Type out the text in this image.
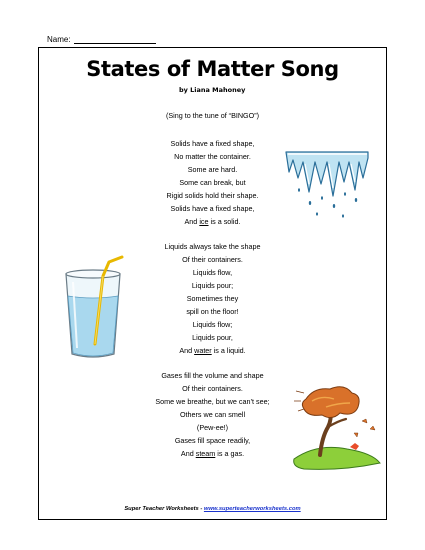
Name:
States of Matter Song
by Liana Mahoney
(Sing to the tune of “BINGO”)
Solids have a fixed shape,
No matter the container.
Some are hard.
Some can break, but
Rigid solids hold their shape.
Solids have a fixed shape,
And ice is a solid.
Liquids always take the shape
Of their containers.
Liquids flow,
Liquids pour;
Sometimes they
spill on the floor!
Liquids flow;
Liquids pour,
And water is a liquid.
Gases fill the volume and shape
Of their containers.
Some we breathe, but we can’t see;
Others we can smell
(Pew-ee!)
Gases fill space readily,
And steam is a gas.
Super Teacher Worksheets - www.superteacherworksheets.com
